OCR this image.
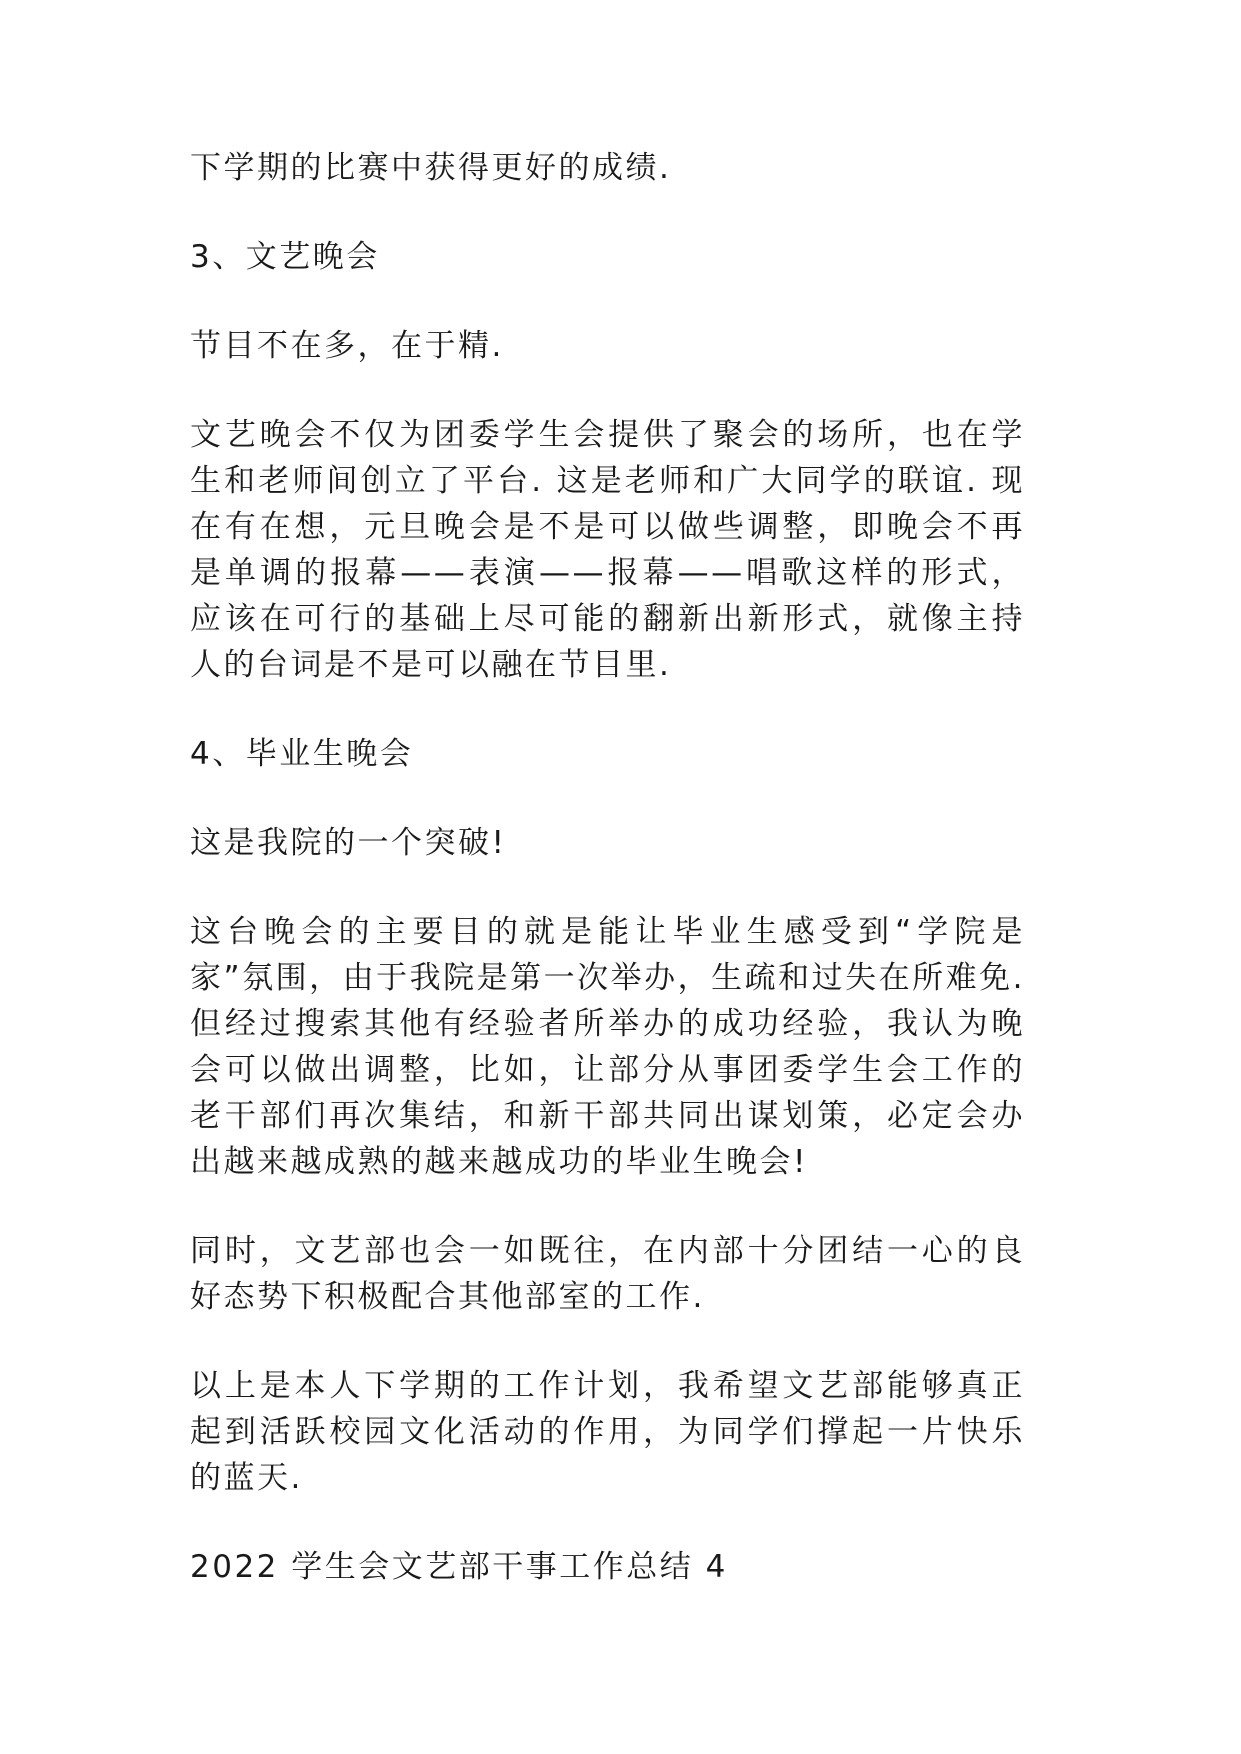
下学期的比赛中获得更好的成绩.

3、文艺晚会

节目不在多，在于精.

文艺晚会不仅为团委学生会提供了聚会的场所，也在学生和老师间创立了平台. 这是老师和广大同学的联谊. 现在有在想，元旦晚会是不是可以做些调整，即晚会不再是单调的报幕——表演——报幕——唱歌这样的形式，应该在可行的基础上尽可能的翻新出新形式，就像主持人的台词是不是可以融在节目里.

4、毕业生晚会

这是我院的一个突破!

这台晚会的主要目的就是能让毕业生感受到“学院是家”氛围，由于我院是第一次举办，生疏和过失在所难免. 但经过搜索其他有经验者所举办的成功经验，我认为晚会可以做出调整，比如，让部分从事团委学生会工作的老干部们再次集结，和新干部共同出谋划策，必定会办出越来越成熟的越来越成功的毕业生晚会!

同时，文艺部也会一如既往，在内部十分团结一心的良好态势下积极配合其他部室的工作.

以上是本人下学期的工作计划，我希望文艺部能够真正起到活跃校园文化活动的作用，为同学们撑起一片快乐的蓝天.

2022 学生会文艺部干事工作总结 4
